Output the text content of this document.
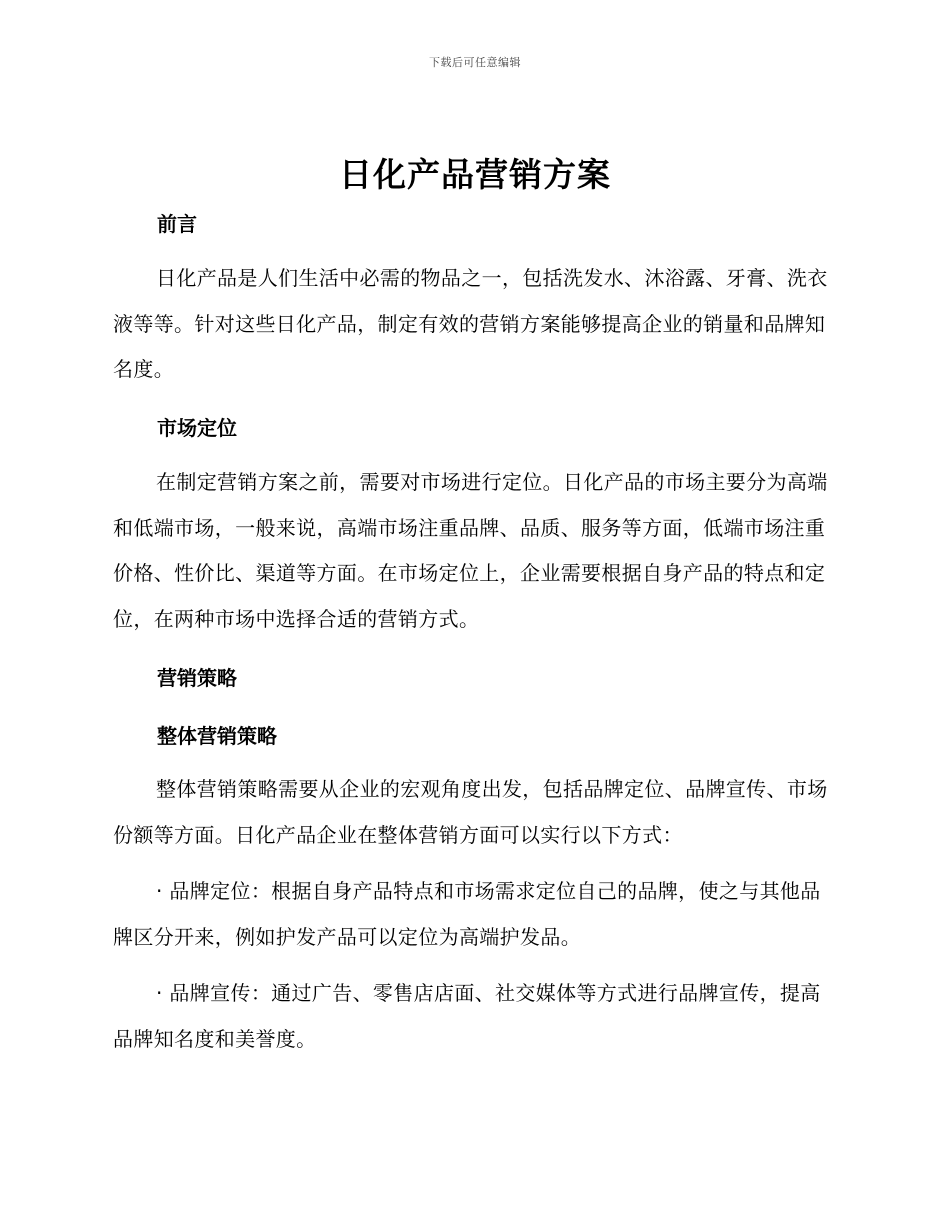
下载后可任意编辑
日化产品营销方案
前言
日化产品是人们生活中必需的物品之一，包括洗发水、沐浴露、牙膏、洗衣液等等。针对这些日化产品，制定有效的营销方案能够提高企业的销量和品牌知名度。
市场定位
在制定营销方案之前，需要对市场进行定位。日化产品的市场主要分为高端和低端市场，一般来说，高端市场注重品牌、品质、服务等方面，低端市场注重价格、性价比、渠道等方面。在市场定位上，企业需要根据自身产品的特点和定位，在两种市场中选择合适的营销方式。
营销策略
整体营销策略
整体营销策略需要从企业的宏观角度出发，包括品牌定位、品牌宣传、市场份额等方面。日化产品企业在整体营销方面可以实行以下方式：
· 品牌定位：根据自身产品特点和市场需求定位自己的品牌，使之与其他品牌区分开来，例如护发产品可以定位为高端护发品。
· 品牌宣传：通过广告、零售店店面、社交媒体等方式进行品牌宣传，提高品牌知名度和美誉度。
